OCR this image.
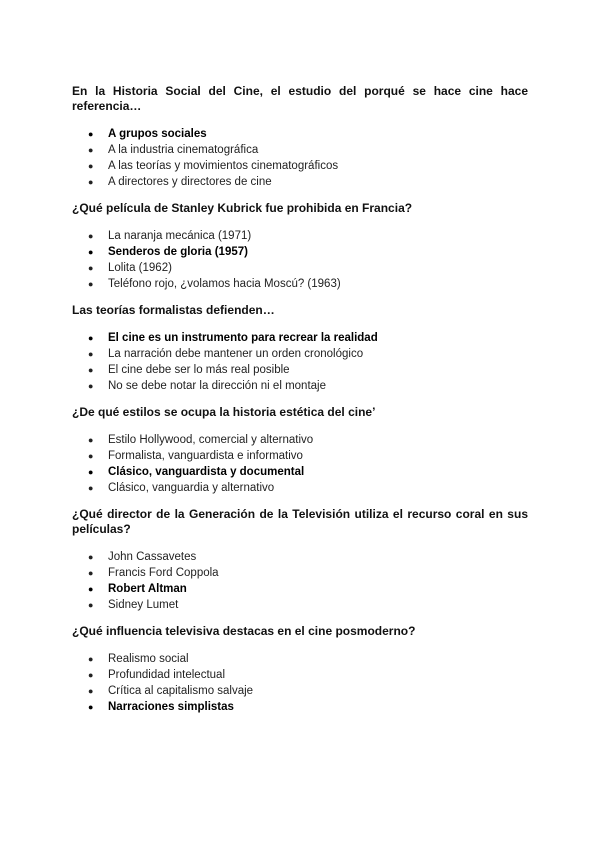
En la Historia Social del Cine, el estudio del porqué se hace cine hace referencia…

● A grupos sociales
● A la industria cinematográfica
● A las teorías y movimientos cinematográficos
● A directores y directores de cine

¿Qué película de Stanley Kubrick fue prohibida en Francia?

● La naranja mecánica (1971)
● Senderos de gloria (1957)
● Lolita (1962)
● Teléfono rojo, ¿volamos hacia Moscú? (1963)

Las teorías formalistas defienden…

● El cine es un instrumento para recrear la realidad
● La narración debe mantener un orden cronológico
● El cine debe ser lo más real posible
● No se debe notar la dirección ni el montaje

¿De qué estilos se ocupa la historia estética del cine’

● Estilo Hollywood, comercial y alternativo
● Formalista, vanguardista e informativo
● Clásico, vanguardista y documental
● Clásico, vanguardia y alternativo

¿Qué director de la Generación de la Televisión utiliza el recurso coral en sus películas?

● John Cassavetes
● Francis Ford Coppola
● Robert Altman
● Sidney Lumet

¿Qué influencia televisiva destacas en el cine posmoderno?

● Realismo social
● Profundidad intelectual
● Crítica al capitalismo salvaje
● Narraciones simplistas
